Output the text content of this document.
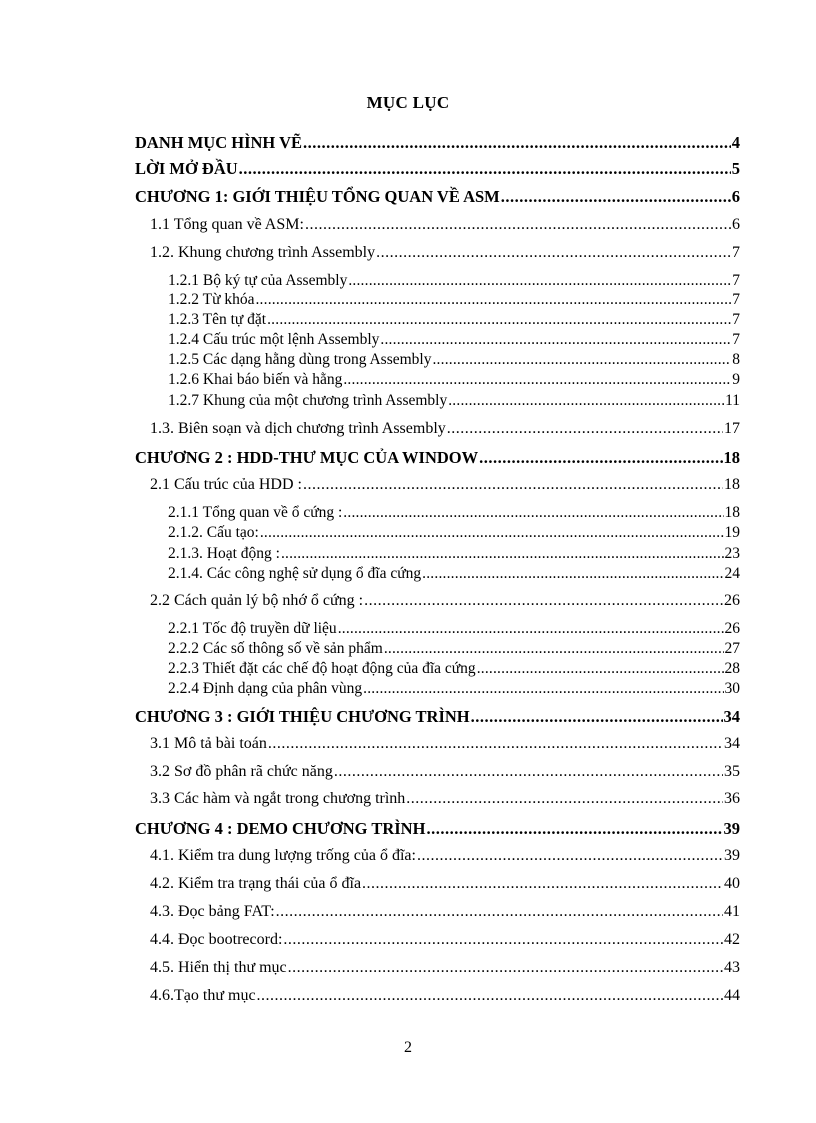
MỤC LỤC
DANH MỤC HÌNH VẼ .....	4
LỜI MỞ ĐẦU .....	5
CHƯƠNG 1: GIỚI THIỆU TỔNG QUAN VỀ ASM .....	6
1.1 Tổng quan về ASM: .....	6
1.2. Khung chương trình Assembly .....	7
1.2.1 Bộ ký tự của Assembly .....	7
1.2.2 Từ khóa .....	7
1.2.3 Tên tự đặt .....	7
1.2.4 Cấu trúc một lệnh Assembly .....	7
1.2.5 Các dạng hằng dùng trong Assembly .....	8
1.2.6 Khai báo biến và hằng .....	9
1.2.7 Khung của một chương trình Assembly .....	11
1.3. Biên soạn và dịch chương trình Assembly .....	17
CHƯƠNG 2 : HDD-THƯ MỤC CỦA WINDOW .....	18
2.1 Cấu trúc của HDD : .....	18
2.1.1 Tổng quan về ổ cứng : .....	18
2.1.2. Cấu tạo: .....	19
2.1.3. Hoạt động : .....	23
2.1.4. Các công nghệ sử dụng ổ đĩa cứng .....	24
2.2 Cách quản lý bộ nhớ ổ cứng : .....	26
2.2.1 Tốc độ truyền dữ liệu .....	26
2.2.2 Các số thông số về sản phẩm .....	27
2.2.3 Thiết đặt các chế độ hoạt động của đĩa cứng .....	28
2.2.4 Định dạng của phân vùng .....	30
CHƯƠNG 3 : GIỚI THIỆU CHƯƠNG TRÌNH .....	34
3.1 Mô tả bài toán .....	34
3.2 Sơ đồ phân rã chức năng .....	35
3.3 Các hàm và ngắt trong chương trình .....	36
CHƯƠNG 4 : DEMO CHƯƠNG TRÌNH .....	39
4.1. Kiểm tra dung lượng trống của ổ đĩa: .....	39
4.2. Kiểm tra trạng thái của ổ đĩa .....	40
4.3. Đọc bảng FAT: .....	41
4.4. Đọc bootrecord: .....	42
4.5. Hiển thị thư mục .....	43
4.6.Tạo thư mục .....	44
2
